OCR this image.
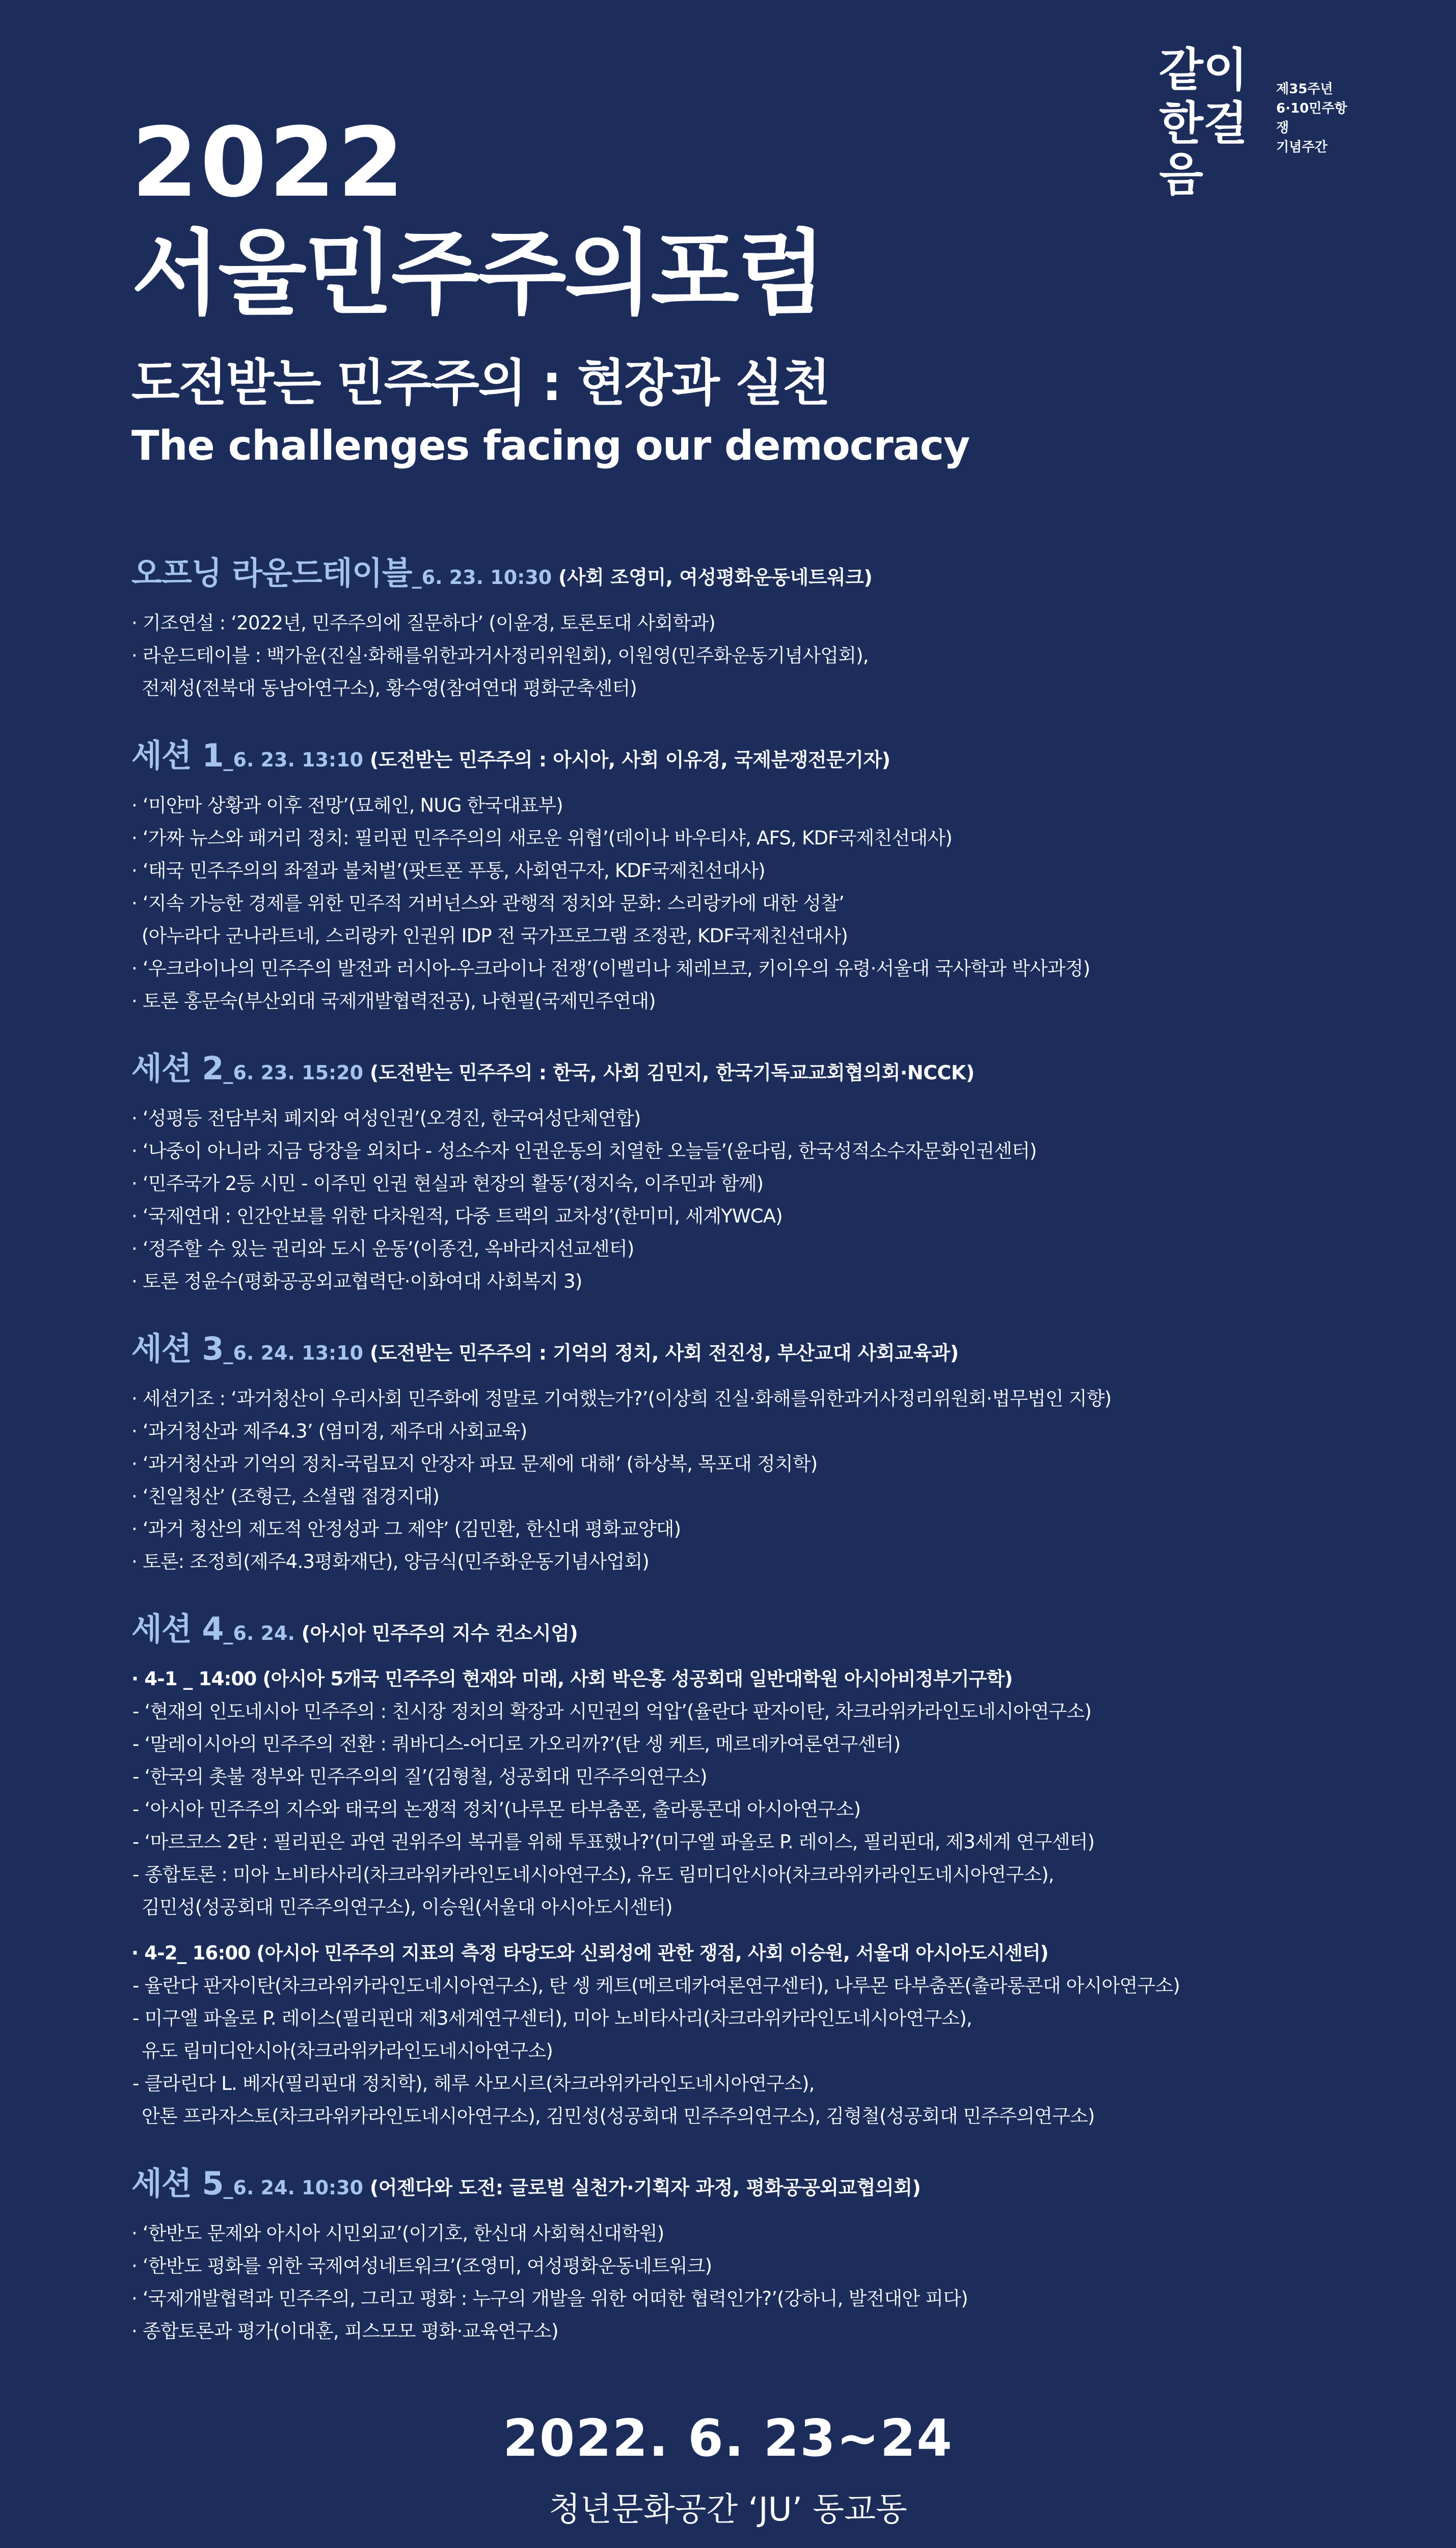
같이
한걸음
제35주년
6·10민주항쟁
기념주간
2022
서울민주주의포럼
도전받는 민주주의 : 현장과 실천
The challenges facing our democracy
오프닝 라운드테이블_6. 23. 10:30 (사회 조영미, 여성평화운동네트워크)
· 기조연설 : ‘2022년, 민주주의에 질문하다’ (이윤경, 토론토대 사회학과)
· 라운드테이블 : 백가윤(진실·화해를위한과거사정리위원회), 이원영(민주화운동기념사업회),
전제성(전북대 동남아연구소), 황수영(참여연대 평화군축센터)
세션 1_6. 23. 13:10 (도전받는 민주주의 : 아시아, 사회 이유경, 국제분쟁전문기자)
· ‘미얀마 상황과 이후 전망’(묘헤인, NUG 한국대표부)
· ‘가짜 뉴스와 패거리 정치: 필리핀 민주주의의 새로운 위협’(데이나 바우티샤, AFS, KDF국제친선대사)
· ‘태국 민주주의의 좌절과 불처벌’(팟트폰 푸통, 사회연구자, KDF국제친선대사)
· ‘지속 가능한 경제를 위한 민주적 거버넌스와 관행적 정치와 문화: 스리랑카에 대한 성찰’
(아누라다 군나라트네, 스리랑카 인권위 IDP 전 국가프로그램 조정관, KDF국제친선대사)
· ‘우크라이나의 민주주의 발전과 러시아-우크라이나 전쟁’(이벨리나 체레브코, 키이우의 유령·서울대 국사학과 박사과정)
· 토론 홍문숙(부산외대 국제개발협력전공), 나현필(국제민주연대)
세션 2_6. 23. 15:20 (도전받는 민주주의 : 한국, 사회 김민지, 한국기독교교회협의회·NCCK)
· ‘성평등 전담부처 폐지와 여성인권’(오경진, 한국여성단체연합)
· ‘나중이 아니라 지금 당장을 외치다 - 성소수자 인권운동의 치열한 오늘들’(윤다림, 한국성적소수자문화인권센터)
· ‘민주국가 2등 시민 - 이주민 인권 현실과 현장의 활동’(정지숙, 이주민과 함께)
· ‘국제연대 : 인간안보를 위한 다차원적, 다중 트랙의 교차성’(한미미, 세계YWCA)
· ‘정주할 수 있는 권리와 도시 운동’(이종건, 옥바라지선교센터)
· 토론 정윤수(평화공공외교협력단·이화여대 사회복지 3)
세션 3_6. 24. 13:10 (도전받는 민주주의 : 기억의 정치, 사회 전진성, 부산교대 사회교육과)
· 세션기조 : ‘과거청산이 우리사회 민주화에 정말로 기여했는가?’(이상희 진실·화해를위한과거사정리위원회·법무법인 지향)
· ‘과거청산과 제주4.3’ (염미경, 제주대 사회교육)
· ‘과거청산과 기억의 정치-국립묘지 안장자 파묘 문제에 대해’ (하상복, 목포대 정치학)
· ‘친일청산’ (조형근, 소셜랩 접경지대)
· ‘과거 청산의 제도적 안정성과 그 제약’ (김민환, 한신대 평화교양대)
· 토론: 조정희(제주4.3평화재단), 양금식(민주화운동기념사업회)
세션 4_6. 24. (아시아 민주주의 지수 컨소시엄)
· 4-1 _ 14:00 (아시아 5개국 민주주의 현재와 미래, 사회 박은홍 성공회대 일반대학원 아시아비정부기구학)
- ‘현재의 인도네시아 민주주의 : 친시장 정치의 확장과 시민권의 억압’(율란다 판자이탄, 차크라위카라인도네시아연구소)
- ‘말레이시아의 민주주의 전환 : 쿼바디스-어디로 가오리까?’(탄 셍 케트, 메르데카여론연구센터)
- ‘한국의 촛불 정부와 민주주의의 질’(김형철, 성공회대 민주주의연구소)
- ‘아시아 민주주의 지수와 태국의 논쟁적 정치’(나루몬 타부춤폰, 출라롱콘대 아시아연구소)
- ‘마르코스 2탄 : 필리핀은 과연 권위주의 복귀를 위해 투표했나?’(미구엘 파올로 P. 레이스, 필리핀대, 제3세계 연구센터)
- 종합토론 : 미아 노비타사리(차크라위카라인도네시아연구소), 유도 림미디안시아(차크라위카라인도네시아연구소),
김민성(성공회대 민주주의연구소), 이승원(서울대 아시아도시센터)
· 4-2_ 16:00 (아시아 민주주의 지표의 측정 타당도와 신뢰성에 관한 쟁점, 사회 이승원, 서울대 아시아도시센터)
- 율란다 판자이탄(차크라위카라인도네시아연구소), 탄 셍 케트(메르데카여론연구센터), 나루몬 타부춤폰(출라롱콘대 아시아연구소)
- 미구엘 파올로 P. 레이스(필리핀대 제3세계연구센터), 미아 노비타사리(차크라위카라인도네시아연구소),
유도 림미디안시아(차크라위카라인도네시아연구소)
- 클라린다 L. 베자(필리핀대 정치학), 헤루 사모시르(차크라위카라인도네시아연구소),
안톤 프라자스토(차크라위카라인도네시아연구소), 김민성(성공회대 민주주의연구소), 김형철(성공회대 민주주의연구소)
세션 5_6. 24. 10:30 (어젠다와 도전: 글로벌 실천가·기획자 과정, 평화공공외교협의회)
· ‘한반도 문제와 아시아 시민외교’(이기호, 한신대 사회혁신대학원)
· ‘한반도 평화를 위한 국제여성네트워크’(조영미, 여성평화운동네트워크)
· ‘국제개발협력과 민주주의, 그리고 평화 : 누구의 개발을 위한 어떠한 협력인가?’(강하니, 발전대안 피다)
· 종합토론과 평가(이대훈, 피스모모 평화·교육연구소)
2022. 6. 23~24
청년문화공간 ‘JU’ 동교동
